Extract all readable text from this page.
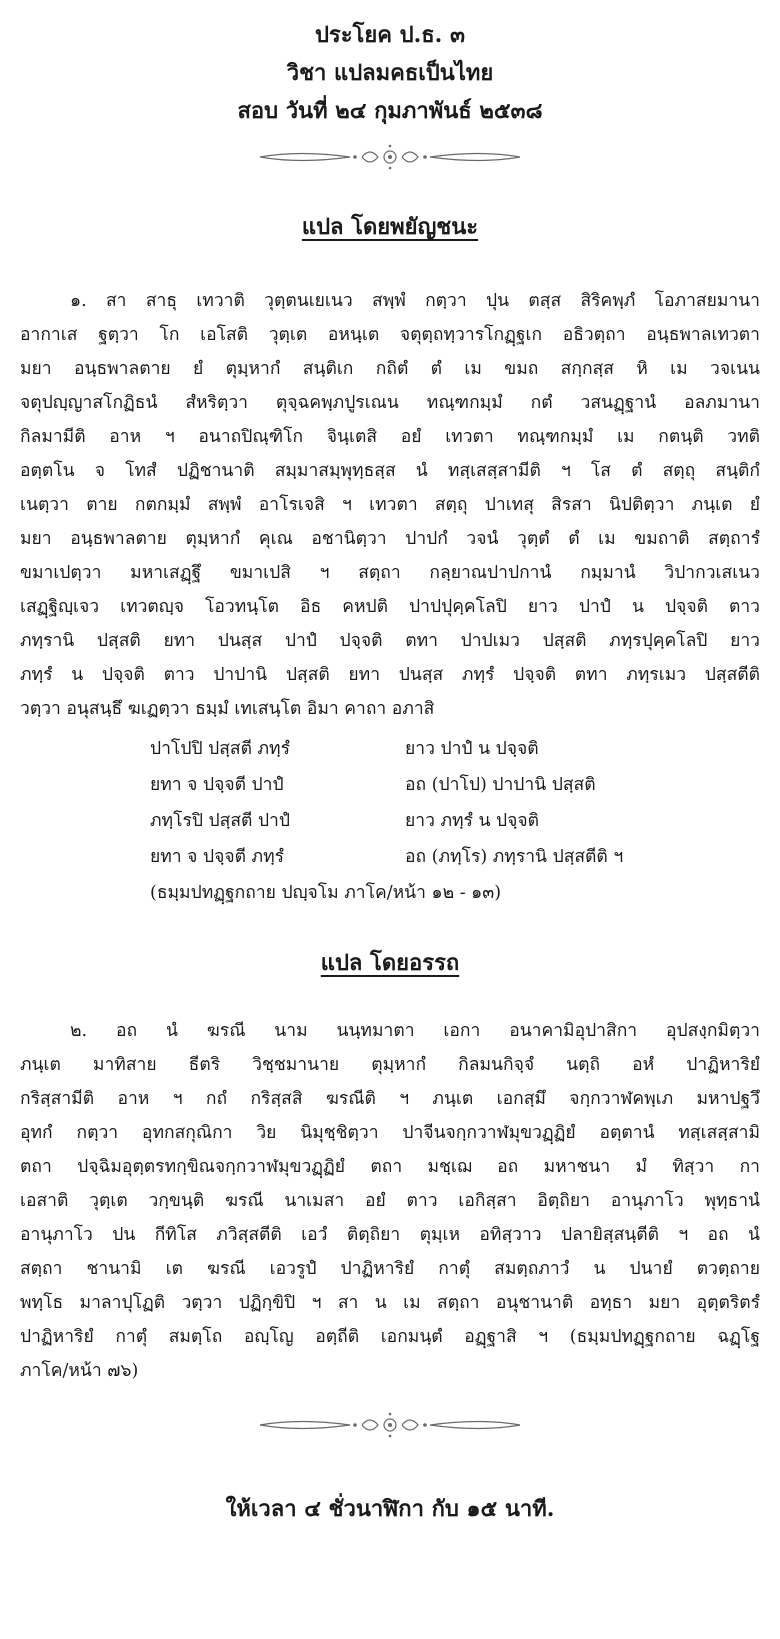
ประโยค ป.ธ. ๓
วิชา แปลมคธเป็นไทย
สอบ วันที่ ๒๔ กุมภาพันธ์ ๒๕๓๘
แปล โดยพยัญชนะ
๑. สา สาธุ เทวาติ วุตฺตนเยเนว สพฺพํ กตฺวา ปุน ตสฺส สิริคพฺภํ โอภาสยมานา
อากาเส ฐตฺวา โก เอโสติ วุตฺเต อหนฺเต จตุตฺถทฺวารโกฏฺฐเก อธิวตฺถา อนฺธพาลเทวตา
มยา อนฺธพาลตาย ยํ ตุมฺหากํ สนฺติเก กถิตํ ตํ เม ขมถ สกฺกสฺส หิ เม วจเนน
จตุปญฺญาสโกฏิธนํ สํหริตฺวา ตุจฺฉคพฺภปูรเณน ทณฺฑกมฺมํ กตํ วสนฏฺฐานํ อลภมานา
กิลมามีติ อาห ฯ อนาถปิณฺฑิโก จินฺเตสิ อยํ เทวตา ทณฺฑกมฺมํ เม กตนฺติ วทติ
อตฺตโน จ โทสํ ปฏิชานาติ สมฺมาสมฺพุทฺธสฺส นํ ทสฺเสสฺสามีติ ฯ โส ตํ สตฺถุ สนฺติกํ
เนตฺวา ตาย กตกมฺมํ สพฺพํ อาโรเจสิ ฯ เทวตา สตฺถุ ปาเทสุ สิรสา นิปติตฺวา ภนฺเต ยํ
มยา อนฺธพาลตาย ตุมฺหากํ คุเณ อชานิตฺวา ปาปกํ วจนํ วุตฺตํ ตํ เม ขมถาติ สตฺถารํ
ขมาเปตฺวา มหาเสฏฺฐึ ขมาเปสิ ฯ สตฺถา กลฺยาณปาปกานํ กมฺมานํ วิปากวเสเนว
เสฏฺฐิญฺเจว เทวตญฺจ โอวทนฺโต อิธ คหปติ ปาปปุคฺคโลปิ ยาว ปาปํ น ปจฺจติ ตาว
ภทฺรานิ ปสฺสติ ยทา ปนสฺส ปาปํ ปจฺจติ ตทา ปาปเมว ปสฺสติ ภทฺรปุคฺคโลปิ ยาว
ภทฺรํ น ปจฺจติ ตาว ปาปานิ ปสฺสติ ยทา ปนสฺส ภทฺรํ ปจฺจติ ตทา ภทฺรเมว ปสฺสตีติ
วตฺวา อนุสนฺธึ ฆเฏตฺวา ธมฺมํ เทเสนฺโต อิมา คาถา อภาสิ
ปาโปปิ ปสฺสตี ภทฺรํ	ยาว ปาปํ น ปจฺจติ
ยทา จ ปจฺจตี ปาปํ	อถ (ปาโป) ปาปานิ ปสฺสติ
ภทฺโรปิ ปสฺสตี ปาปํ	ยาว ภทฺรํ น ปจฺจติ
ยทา จ ปจฺจตี ภทฺรํ	อถ (ภทฺโร) ภทฺรานิ ปสฺสตีติ ฯ
(ธมฺมปทฏฺฐกถาย ปญฺจโม ภาโค/หน้า ๑๒ - ๑๓)
แปล โดยอรรถ
๒. อถ นํ ฆรณี นาม นนฺทมาตา เอกา อนาคามิอุปาสิกา อุปสงฺกมิตฺวา
ภนฺเต มาทิสาย ธีตริ วิชฺชมานาย ตุมฺหากํ กิลมนกิจฺจํ นตฺถิ อหํ ปาฏิหาริยํ
กริสฺสามีติ อาห ฯ กถํ กริสฺสสิ ฆรณีติ ฯ ภนฺเต เอกสฺมึ จกฺกวาฬคพฺเภ มหาปฐวึ
อุทกํ กตฺวา อุทกสกุณิกา วิย นิมุชฺชิตฺวา ปาจีนจกฺกวาฬมุขวฏฺฏิยํ อตฺตานํ ทสฺเสสฺสามิ
ตถา ปจฺฉิมอุตฺตรทกฺขิณจกฺกวาฬมุขวฏฺฏิยํ ตถา มชฺเฌ อถ มหาชนา มํ ทิสฺวา กา
เอสาติ วุตฺเต วกฺขนฺติ ฆรณี นาเมสา อยํ ตาว เอกิสฺสา อิตฺถิยา อานุภาโว พุทฺธานํ
อานุภาโว ปน กีทิโส ภวิสฺสตีติ เอวํ ติตฺถิยา ตุมฺเห อทิสฺวาว ปลายิสฺสนฺตีติ ฯ อถ นํ
สตฺถา ชานามิ เต ฆรณี เอวรูปํ ปาฏิหาริยํ กาตุํ สมตฺถภาวํ น ปนายํ ตวตฺถาย
พทฺโธ มาลาปุโฏติ วตฺวา ปฏิกฺขิปิ ฯ สา น เม สตฺถา อนุชานาติ อทฺธา มยา อุตฺตริตรํ
ปาฏิหาริยํ กาตุํ สมตฺโถ อญฺโญ อตฺถีติ เอกมนฺตํ อฏฺฐาสิ ฯ (ธมฺมปทฏฺฐกถาย ฉฏฺโฐ
ภาโค/หน้า ๗๖)
ให้เวลา ๔ ชั่วนาฬิกา กับ ๑๕ นาที.
